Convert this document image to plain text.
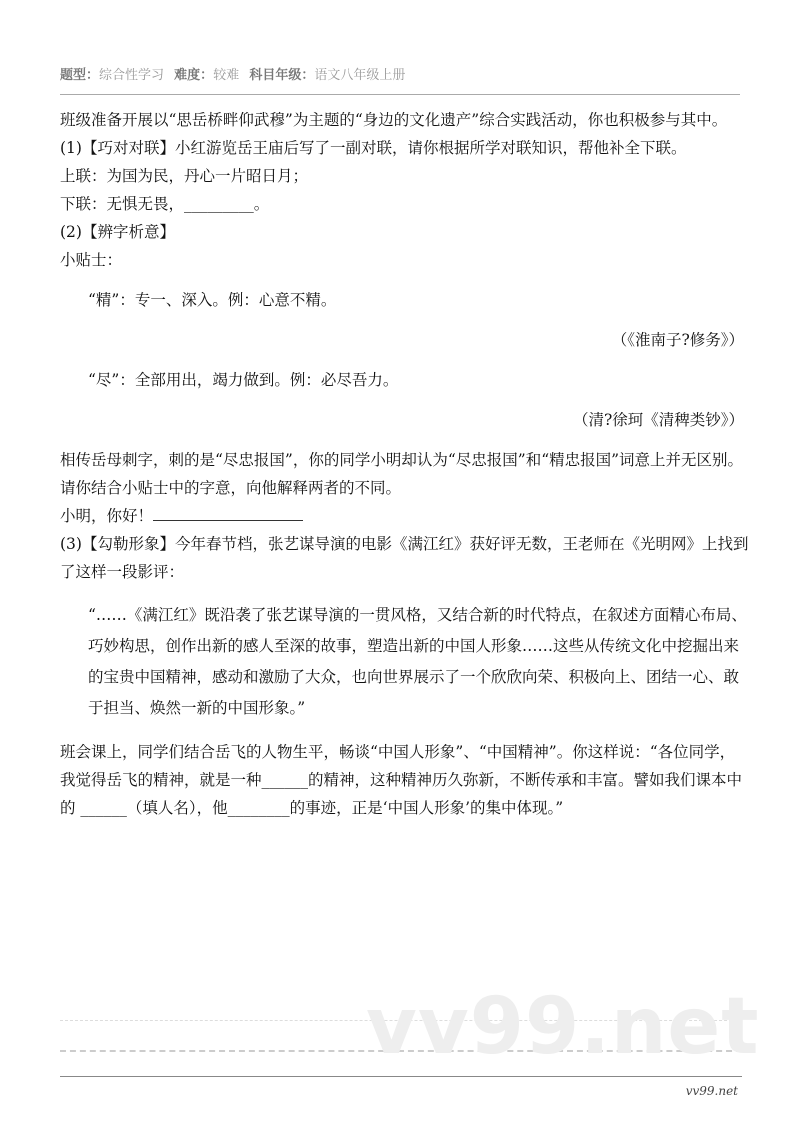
题型：综合性学习 难度：较难 科目年级：语文八年级上册

班级准备开展以“思岳桥畔仰武穆”为主题的“身边的文化遗产”综合实践活动，你也积极参与其中。

(1)【巧对对联】小红游览岳王庙后写了一副对联，请你根据所学对联知识，帮他补全下联。

上联：为国为民，丹心一片昭日月；

下联：无惧无畏，_________。

(2)【辨字析意】

小贴士：

“精”：专一、深入。例：心意不精。

（《淮南子?修务》）

“尽”：全部用出，竭力做到。例：必尽吾力。

（清?徐珂《清稗类钞》）

相传岳母刺字，刺的是“尽忠报国”，你的同学小明却认为“尽忠报国”和“精忠报国”词意上并无区别。请你结合小贴士中的字意，向他解释两者的不同。

小明，你好！

(3)【勾勒形象】今年春节档，张艺谋导演的电影《满江红》获好评无数，王老师在《光明网》上找到了这样一段影评：

“……《满江红》既沿袭了张艺谋导演的一贯风格，又结合新的时代特点，在叙述方面精心布局、巧妙构思，创作出新的感人至深的故事，塑造出新的中国人形象……这些从传统文化中挖掘出来的宝贵中国精神，感动和激励了大众，也向世界展示了一个欣欣向荣、积极向上、团结一心、敢于担当、焕然一新的中国形象。”

班会课上，同学们结合岳飞的人物生平，畅谈“中国人形象”、“中国精神”。你这样说：“各位同学，我觉得岳飞的精神，就是一种______的精神，这种精神历久弥新，不断传承和丰富。譬如我们课本中的 ______（填人名），他________的事迹，正是‘中国人形象’的集中体现。”

vv99.net
vv99.net
